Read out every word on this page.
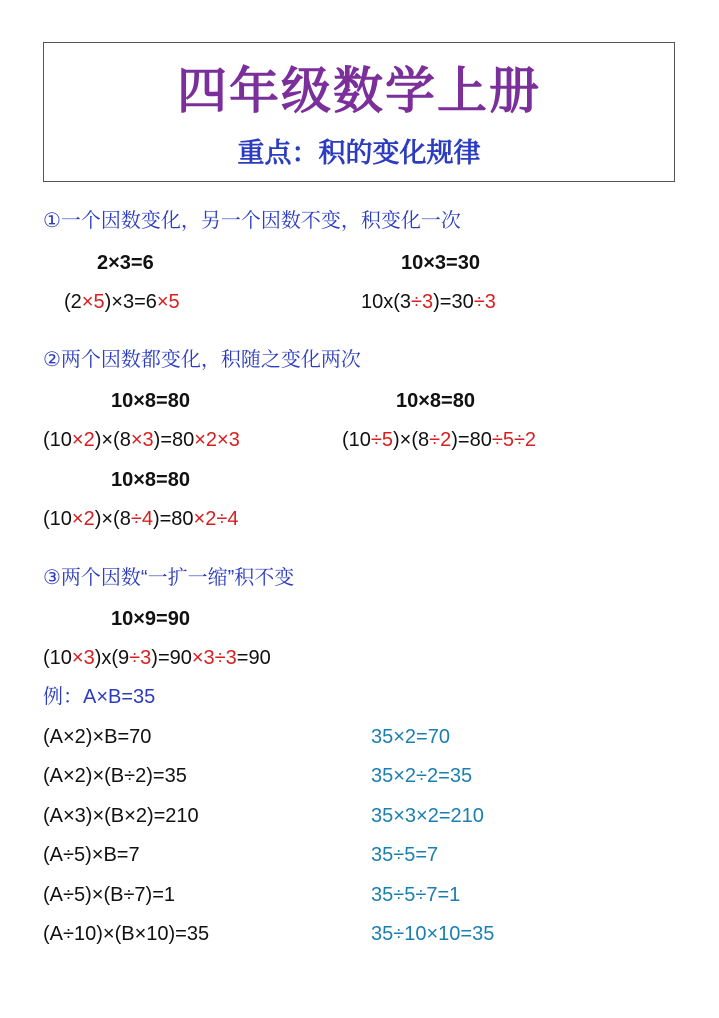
四年级数学上册
重点：积的变化规律
①一个因数变化，另一个因数不变，积变化一次
2×3=6	10×3=30
(2×5)×3=6×5	10x(3÷3)=30÷3
②两个因数都变化，积随之变化两次
10×8=80	10×8=80
(10×2)×(8×3)=80×2×3	(10÷5)×(8÷2)=80÷5÷2
10×8=80
(10×2)×(8÷4)=80×2÷4
③两个因数“一扩一缩”积不变
10×9=90
(10×3)x(9÷3)=90×3÷3=90
例：A×B=35
(A×2)×B=70	35×2=70
(A×2)×(B÷2)=35	35×2÷2=35
(A×3)×(B×2)=210	35×3×2=210
(A÷5)×B=7	35÷5=7
(A÷5)×(B÷7)=1	35÷5÷7=1
(A÷10)×(B×10)=35	35÷10×10=35
